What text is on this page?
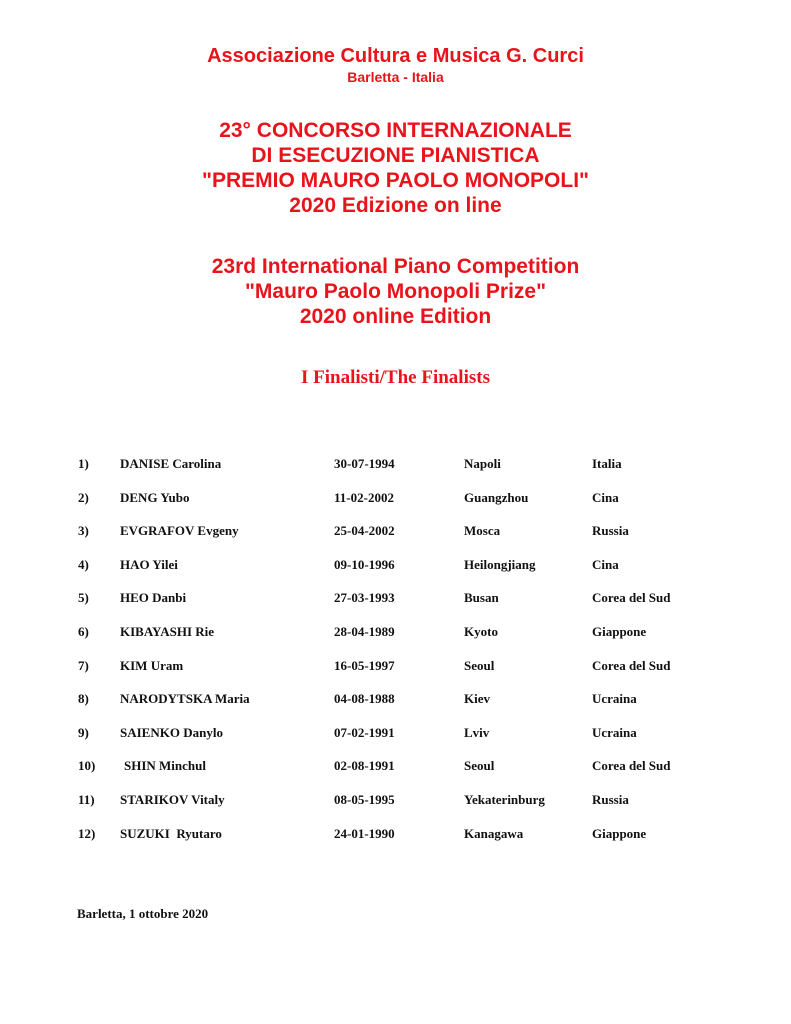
Associazione Cultura e Musica G. Curci
Barletta - Italia
23° CONCORSO INTERNAZIONALE
DI ESECUZIONE PIANISTICA
"PREMIO MAURO PAOLO MONOPOLI"
2020 Edizione on line
23rd International Piano Competition
"Mauro Paolo Monopoli Prize"
2020 online Edition
I Finalisti/The Finalists
1) DANISE Carolina	30-07-1994	Napoli	Italia
2) DENG Yubo	11-02-2002	Guangzhou	Cina
3) EVGRAFOV Evgeny	25-04-2002	Mosca	Russia
4) HAO Yilei	09-10-1996	Heilongjiang	Cina
5) HEO Danbi	27-03-1993	Busan	Corea del Sud
6) KIBAYASHI Rie	28-04-1989	Kyoto	Giappone
7) KIM Uram	16-05-1997	Seoul	Corea del Sud
8) NARODYTSKA Maria	04-08-1988	Kiev	Ucraina
9) SAIENKO Danylo	07-02-1991	Lviv	Ucraina
10) SHIN Minchul	02-08-1991	Seoul	Corea del Sud
11) STARIKOV Vitaly	08-05-1995	Yekaterinburg	Russia
12) SUZUKI  Ryutaro	24-01-1990	Kanagawa	Giappone
Barletta, 1 ottobre 2020
